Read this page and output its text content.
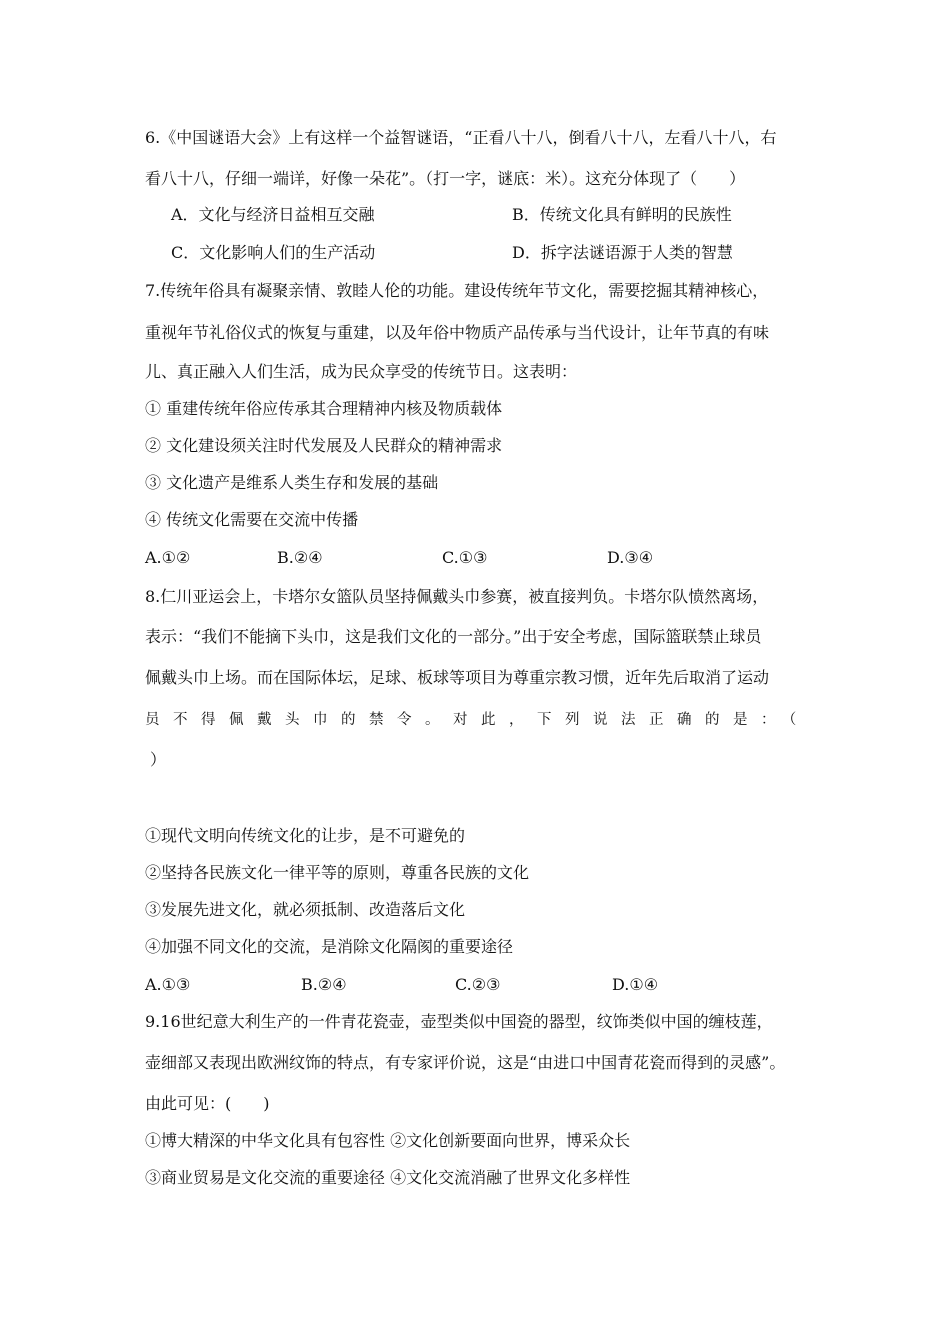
6.《中国谜语大会》上有这样一个益智谜语，“正看八十八，倒看八十八，左看八十八，右
看八十八，仔细一端详，好像一朵花”。（打一字，谜底：米）。这充分体现了（　　）
A．文化与经济日益相互交融	B．传统文化具有鲜明的民族性
C．文化影响人们的生产活动	D．拆字法谜语源于人类的智慧
7.传统年俗具有凝聚亲情、敦睦人伦的功能。建设传统年节文化，需要挖掘其精神核心，
重视年节礼俗仪式的恢复与重建，以及年俗中物质产品传承与当代设计，让年节真的有味
儿、真正融入人们生活，成为民众享受的传统节日。这表明：
① 重建传统年俗应传承其合理精神内核及物质载体
② 文化建设须关注时代发展及人民群众的精神需求
③ 文化遗产是维系人类生存和发展的基础
④ 传统文化需要在交流中传播
A.①②	B.②④	C.①③	D.③④
8.仁川亚运会上，卡塔尔女篮队员坚持佩戴头巾参赛，被直接判负。卡塔尔队愤然离场，
表示：“我们不能摘下头巾，这是我们文化的一部分。”出于安全考虑，国际篮联禁止球员
佩戴头巾上场。而在国际体坛，足球、板球等项目为尊重宗教习惯，近年先后取消了运动
员不得佩戴头巾的禁令。对此，下列说法正确的是：（
）
①现代文明向传统文化的让步，是不可避免的
②坚持各民族文化一律平等的原则，尊重各民族的文化
③发展先进文化，就必须抵制、改造落后文化
④加强不同文化的交流，是消除文化隔阂的重要途径
A.①③	B.②④	C.②③	D.①④
9.16世纪意大利生产的一件青花瓷壶，壶型类似中国瓷的器型，纹饰类似中国的缠枝莲，
壶细部又表现出欧洲纹饰的特点，有专家评价说，这是“由进口中国青花瓷而得到的灵感”。
由此可见：(　　)
①博大精深的中华文化具有包容性 ②文化创新要面向世界，博采众长
③商业贸易是文化交流的重要途径 ④文化交流消融了世界文化多样性
